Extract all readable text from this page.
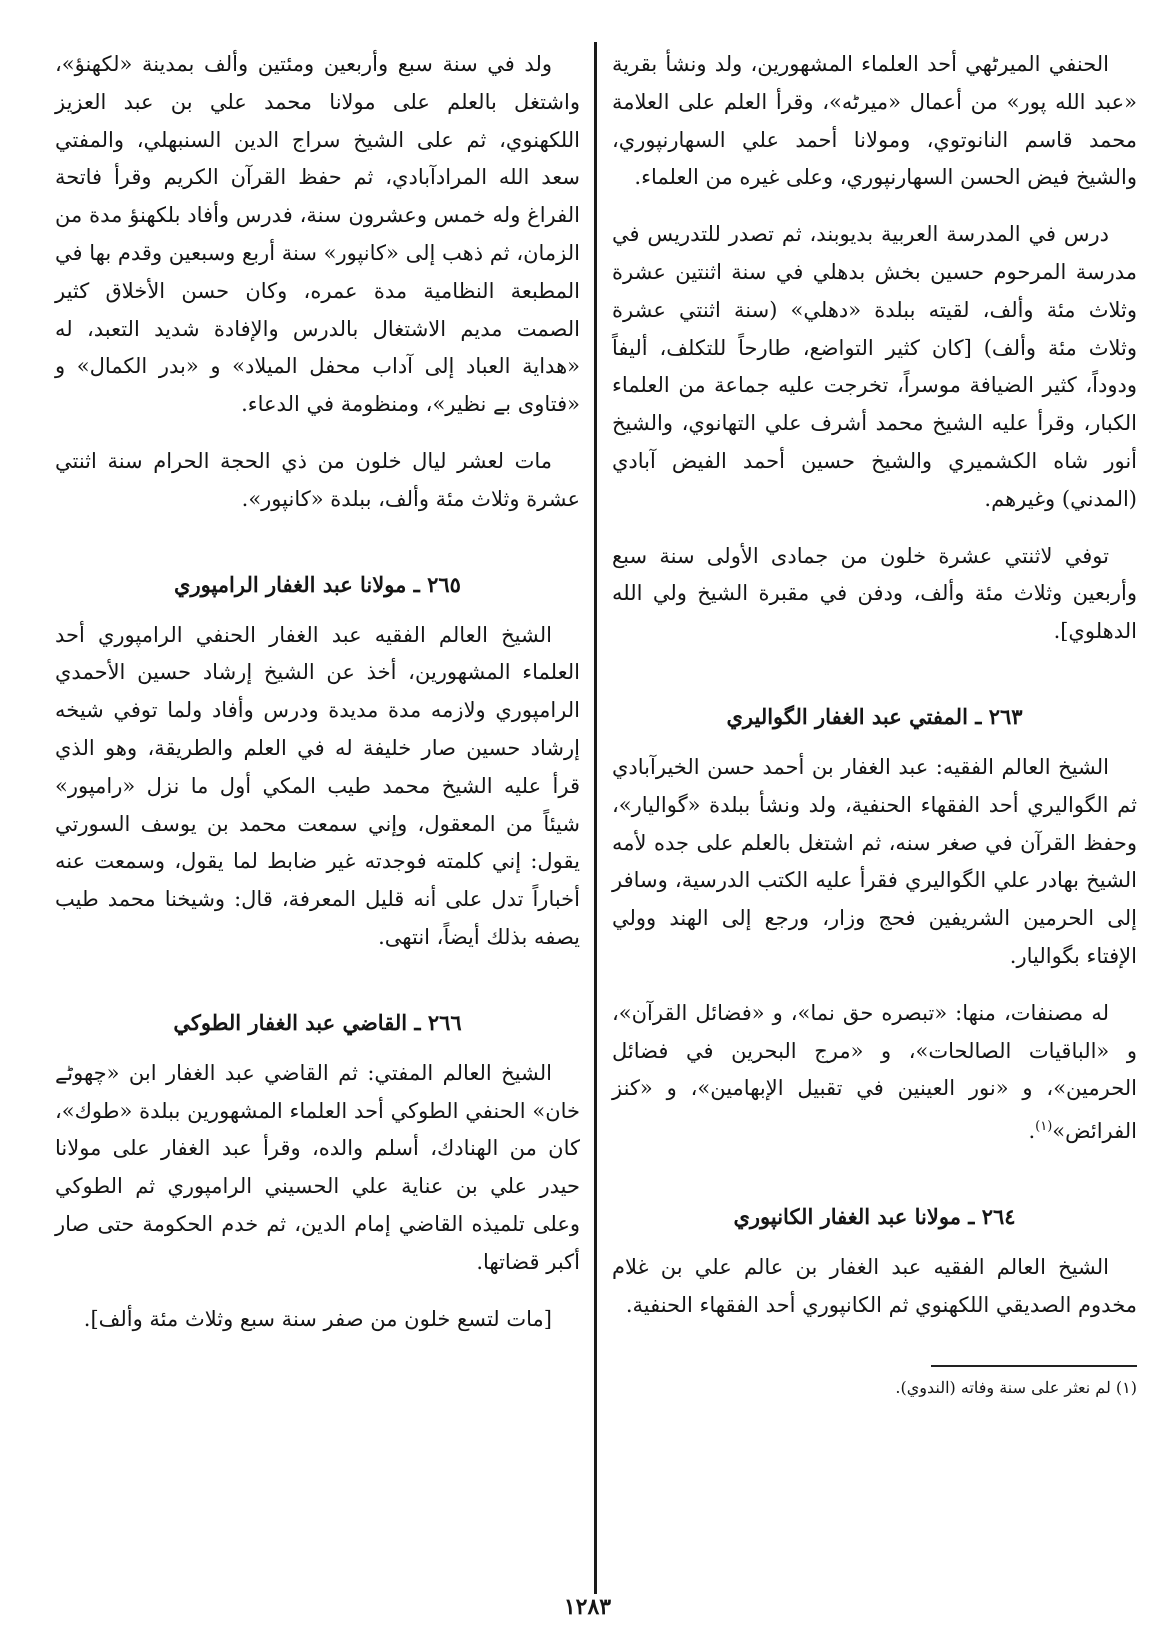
الحنفي الميرٹهي أحد العلماء المشهورين، ولد ونشأ بقرية «عبد الله پور» من أعمال «ميرٹه»، وقرأ العلم على العلامة محمد قاسم النانوتوي، ومولانا أحمد علي السهارنپوري، والشيخ فيض الحسن السهارنپوري، وعلى غيره من العلماء.

درس في المدرسة العربية بديوبند، ثم تصدر للتدريس في مدرسة المرحوم حسين بخش بدهلي في سنة اثنتين عشرة وثلاث مئة وألف، لقيته ببلدة «دهلي» (سنة اثنتي عشرة وثلاث مئة وألف) [كان كثير التواضع، طارحاً للتكلف، أليفاً ودوداً، كثير الضيافة موسراً، تخرجت عليه جماعة من العلماء الكبار، وقرأ عليه الشيخ محمد أشرف علي التهانوي، والشيخ أنور شاه الكشميري والشيخ حسين أحمد الفيض آبادي (المدني) وغيرهم.

توفي لاثنتي عشرة خلون من جمادى الأولى سنة سبع وأربعين وثلاث مئة وألف، ودفن في مقبرة الشيخ ولي الله الدهلوي].

٢٦٣ ـ المفتي عبد الغفار الگواليري

الشيخ العالم الفقيه: عبد الغفار بن أحمد حسن الخيرآبادي ثم الگواليري أحد الفقهاء الحنفية، ولد ونشأ ببلدة «گواليار»، وحفظ القرآن في صغر سنه، ثم اشتغل بالعلم على جده لأمه الشيخ بهادر علي الگواليري فقرأ عليه الكتب الدرسية، وسافر إلى الحرمين الشريفين فحج وزار، ورجع إلى الهند وولي الإفتاء بگواليار.

له مصنفات، منها: «تبصره حق نما»، و «فضائل القرآن»، و «الباقيات الصالحات»، و «مرج البحرين في فضائل الحرمين»، و «نور العينين في تقبيل الإبهامين»، و «كنز الفرائض»$^{(١)}$.

٢٦٤ ـ مولانا عبد الغفار الكانپوري

الشيخ العالم الفقيه عبد الغفار بن عالم علي بن غلام مخدوم الصديقي اللكهنوي ثم الكانپوري أحد الفقهاء الحنفية.

(١) لم نعثر على سنة وفاته (الندوي).

ولد في سنة سبع وأربعين ومئتين وألف بمدينة «لكهنؤ»، واشتغل بالعلم على مولانا محمد علي بن عبد العزيز اللكهنوي، ثم على الشيخ سراج الدين السنبهلي، والمفتي سعد الله المرادآبادي، ثم حفظ القرآن الكريم وقرأ فاتحة الفراغ وله خمس وعشرون سنة، فدرس وأفاد بلكهنؤ مدة من الزمان، ثم ذهب إلى «كانپور» سنة أربع وسبعين وقدم بها في المطبعة النظامية مدة عمره، وكان حسن الأخلاق كثير الصمت مديم الاشتغال بالدرس والإفادة شديد التعبد، له «هداية العباد إلى آداب محفل الميلاد» و «بدر الكمال» و «فتاوى بے نظير»، ومنظومة في الدعاء.

مات لعشر ليال خلون من ذي الحجة الحرام سنة اثنتي عشرة وثلاث مئة وألف، ببلدة «كانپور».

٢٦٥ ـ مولانا عبد الغفار الرامپوري

الشيخ العالم الفقيه عبد الغفار الحنفي الرامپوري أحد العلماء المشهورين، أخذ عن الشيخ إرشاد حسين الأحمدي الرامپوري ولازمه مدة مديدة ودرس وأفاد ولما توفي شيخه إرشاد حسين صار خليفة له في العلم والطريقة، وهو الذي قرأ عليه الشيخ محمد طيب المكي أول ما نزل «رامپور» شيئاً من المعقول، وإني سمعت محمد بن يوسف السورتي يقول: إني كلمته فوجدته غير ضابط لما يقول، وسمعت عنه أخباراً تدل على أنه قليل المعرفة، قال: وشيخنا محمد طيب يصفه بذلك أيضاً، انتهى.

٢٦٦ ـ القاضي عبد الغفار الطوكي

الشيخ العالم المفتي: ثم القاضي عبد الغفار ابن «چهوٹے خان» الحنفي الطوكي أحد العلماء المشهورين ببلدة «طوك»، كان من الهنادك، أسلم والده، وقرأ عبد الغفار على مولانا حيدر علي بن عناية علي الحسيني الرامپوري ثم الطوكي وعلى تلميذه القاضي إمام الدين، ثم خدم الحكومة حتى صار أكبر قضاتها.

[مات لتسع خلون من صفر سنة سبع وثلاث مئة وألف].

١٢٨٣
